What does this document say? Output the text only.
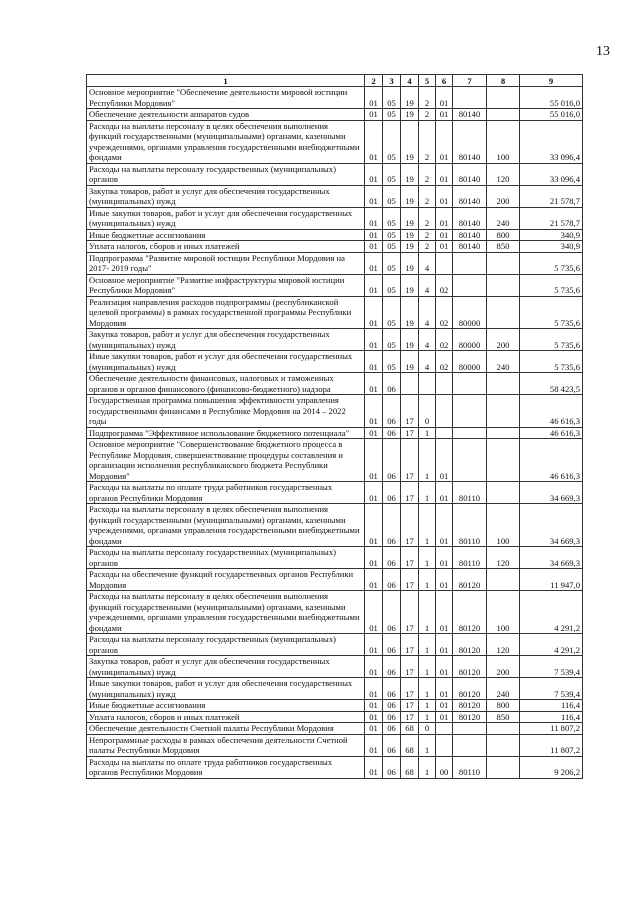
13
1	2	3	4	5	6	7	8	9
Основное мероприятие "Обеспечение деятельности мировой юстиции Республики Мордовия"	01	05	19	2	01			55 016,0
Обеспечение деятельности аппаратов судов	01	05	19	2	01	80140		55 016,0
Расходы на выплаты персоналу в целях обеспечения выполнения функций государственными (муниципальными) органами, казенными учреждениями, органами управления государственными внебюджетными фондами	01	05	19	2	01	80140	100	33 096,4
Расходы на выплаты персоналу государственных (муниципальных) органов	01	05	19	2	01	80140	120	33 096,4
Закупка товаров, работ и услуг для обеспечения государственных (муниципальных) нужд	01	05	19	2	01	80140	200	21 578,7
Иные закупки товаров, работ и услуг для обеспечения государственных (муниципальных) нужд	01	05	19	2	01	80140	240	21 578,7
Иные бюджетные ассигнования	01	05	19	2	01	80140	800	340,9
Уплата налогов, сборов и иных платежей	01	05	19	2	01	80140	850	340,9
Подпрограмма "Развитие мировой юстиции Республики Мордовия на 2017- 2019 годы"	01	05	19	4				5 735,6
Основное мероприятие "Развитие инфраструктуры мировой юстиции Республики Мордовия"	01	05	19	4	02			5 735,6
Реализация направления расходов подпрограммы (республиканской целевой программы) в рамках государственной программы Республики Мордовия	01	05	19	4	02	80000		5 735,6
Закупка товаров, работ и услуг для обеспечения государственных (муниципальных) нужд	01	05	19	4	02	80000	200	5 735,6
Иные закупки товаров, работ и услуг для обеспечения государственных (муниципальных) нужд	01	05	19	4	02	80000	240	5 735,6
Обеспечение деятельности финансовых, налоговых и таможенных органов и органов финансового (финансово-бюджетного) надзора	01	06						58 423,5
Государственная программа повышения эффективности управления государственными финансами в Республике Мордовия на 2014 – 2022 годы	01	06	17	0				46 616,3
Подпрограмма "Эффективное использование бюджетного потенциала"	01	06	17	1				46 616,3
Основное мероприятие "Совершенствование бюджетного процесса в Республике Мордовия, совершенствование процедуры составления и организации исполнения республиканского бюджета Республики Мордовия"	01	06	17	1	01			46 616,3
Расходы на выплаты по оплате труда работников государственных органов Республики Мордовия	01	06	17	1	01	80110		34 669,3
Расходы на выплаты персоналу в целях обеспечения выполнения функций государственными (муниципальными) органами, казенными учреждениями, органами управления государственными внебюджетными фондами	01	06	17	1	01	80110	100	34 669,3
Расходы на выплаты персоналу государственных (муниципальных) органов	01	06	17	1	01	80110	120	34 669,3
Расходы на обеспечение функций государственных органов Республики Мордовия	01	06	17	1	01	80120		11 947,0
Расходы на выплаты персоналу в целях обеспечения выполнения функций государственными (муниципальными) органами, казенными учреждениями, органами управления государственными внебюджетными фондами	01	06	17	1	01	80120	100	4 291,2
Расходы на выплаты персоналу государственных (муниципальных) органов	01	06	17	1	01	80120	120	4 291,2
Закупка товаров, работ и услуг для обеспечения государственных (муниципальных) нужд	01	06	17	1	01	80120	200	7 539,4
Иные закупки товаров, работ и услуг для обеспечения государственных (муниципальных) нужд	01	06	17	1	01	80120	240	7 539,4
Иные бюджетные ассигнования	01	06	17	1	01	80120	800	116,4
Уплата налогов, сборов и иных платежей	01	06	17	1	01	80120	850	116,4
Обеспечение деятельности Счетной палаты Республики Мордовия	01	06	68	0				11 807,2
Непрограммные расходы в рамках обеспечения деятельности Счетной палаты Республики Мордовия	01	06	68	1				11 807,2
Расходы на выплаты по оплате труда работников государственных органов Республики Мордовия	01	06	68	1	00	80110		9 206,2
